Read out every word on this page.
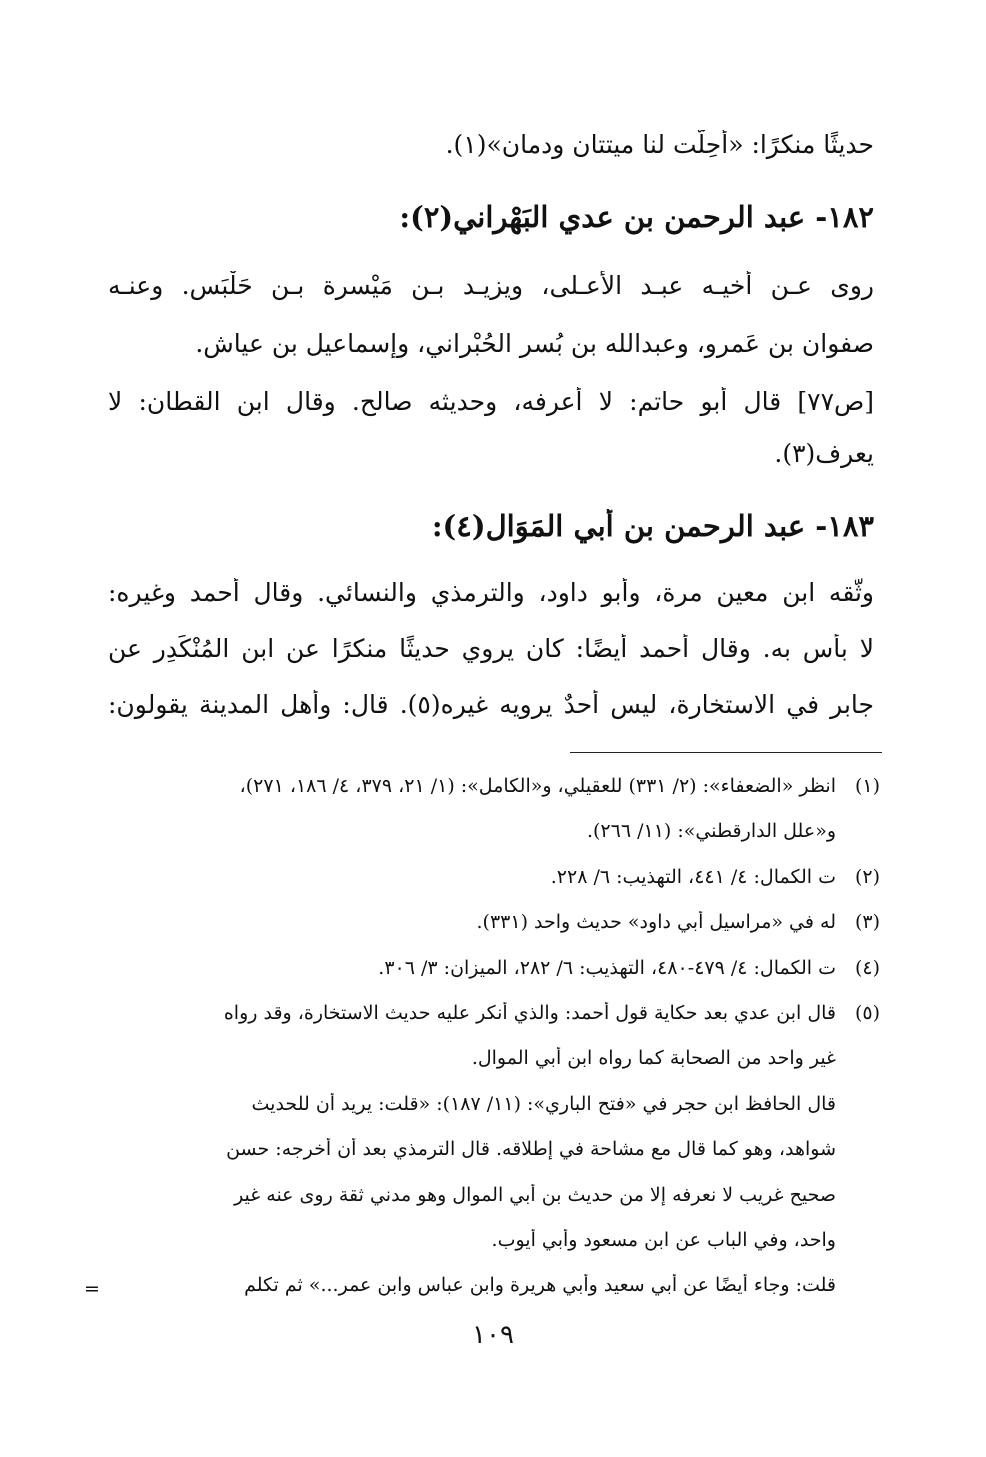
حديثًا منكرًا: «أُحِلّت لنا ميتتان ودمان»(١).
١٨٢- عبد الرحمن بن عدي البَهْراني(٢):
روى عـن أخيـه عبـد الأعـلى، ويزيـد بـن مَيْسرة بـن حَلْبَس. وعنـه
صفوان بن عَمرو، وعبدالله بن بُسر الحُبْراني، وإسماعيل بن عياش.
[ص٧٧] قال أبو حاتم: لا أعرفه، وحديثه صالح. وقال ابن القطان: لا
يعرف(٣).
١٨٣- عبد الرحمن بن أبي المَوَال(٤):
وثّقه ابن معين مرة، وأبو داود، والترمذي والنسائي. وقال أحمد وغيره:
لا بأس به. وقال أحمد أيضًا: كان يروي حديثًا منكرًا عن ابن المُنْكَدِر عن
جابر في الاستخارة، ليس أحدٌ يرويه غيره(٥). قال: وأهل المدينة يقولون:
(١)انظر «الضعفاء»: (٢/ ٣٣١) للعقيلي، و«الكامل»: (١/ ٢١، ٣٧٩، ٤/ ١٨٦، ٢٧١)،
و«علل الدارقطني»: (١١/ ٢٦٦).
(٢)ت الكمال: ٤/ ٤٤١، التهذيب: ٦/ ٢٢٨.
(٣)له في «مراسيل أبي داود» حديث واحد (٣٣١).
(٤)ت الكمال: ٤/ ٤٧٩-٤٨٠، التهذيب: ٦/ ٢٨٢، الميزان: ٣/ ٣٠٦.
(٥)قال ابن عدي بعد حكاية قول أحمد: والذي أُنكر عليه حديث الاستخارة، وقد رواه
غير واحد من الصحابة كما رواه ابن أبي الموال.
قال الحافظ ابن حجر في «فتح الباري»: (١١/ ١٨٧): «قلت: يريد أن للحديث
شواهد، وهو كما قال مع مشاحة في إطلاقه. قال الترمذي بعد أن أخرجه: حسن
صحيح غريب لا نعرفه إلا من حديث بن أبي الموال وهو مدني ثقة روى عنه غير
واحد، وفي الباب عن ابن مسعود وأبي أيوب.
قلت: وجاء أيضًا عن أبي سعيد وأبي هريرة وابن عباس وابن عمر...» ثم تكلم
=
١٠٩
